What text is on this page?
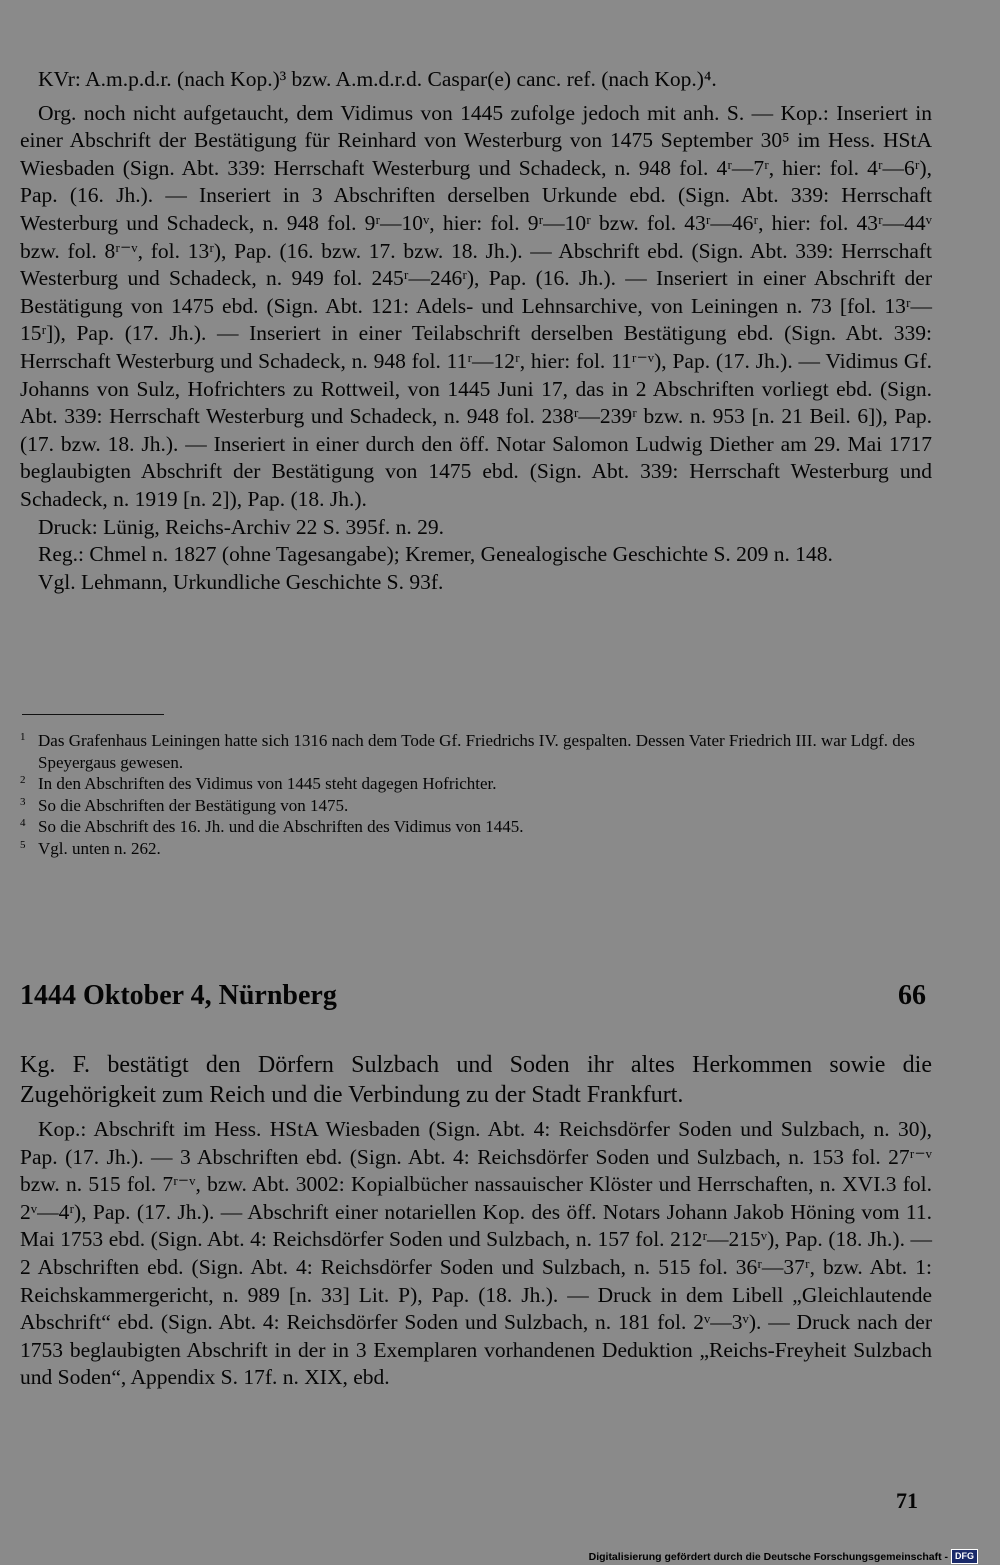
KVr: A.m.p.d.r. (nach Kop.)³ bzw. A.m.d.r.d. Caspar(e) canc. ref. (nach Kop.)⁴.

Org. noch nicht aufgetaucht, dem Vidimus von 1445 zufolge jedoch mit anh. S. — Kop.: Inseriert in einer Abschrift der Bestätigung für Reinhard von Westerburg von 1475 September 30⁵ im Hess. HStA Wiesbaden (Sign. Abt. 339: Herrschaft Westerburg und Schadeck, n. 948 fol. 4ʳ—7ʳ, hier: fol. 4ʳ—6ʳ), Pap. (16. Jh.). — Inseriert in 3 Abschriften derselben Urkunde ebd. (Sign. Abt. 339: Herrschaft Westerburg und Schadeck, n. 948 fol. 9ʳ—10ᵛ, hier: fol. 9ʳ—10ʳ bzw. fol. 43ʳ—46ʳ, hier: fol. 43ʳ—44ᵛ bzw. fol. 8ʳ⁻ᵛ, fol. 13ʳ), Pap. (16. bzw. 17. bzw. 18. Jh.). — Abschrift ebd. (Sign. Abt. 339: Herrschaft Westerburg und Schadeck, n. 949 fol. 245ʳ—246ʳ), Pap. (16. Jh.). — Inseriert in einer Abschrift der Bestätigung von 1475 ebd. (Sign. Abt. 121: Adels- und Lehnsarchive, von Leiningen n. 73 [fol. 13ʳ—15ʳ]), Pap. (17. Jh.). — Inseriert in einer Teilabschrift derselben Bestätigung ebd. (Sign. Abt. 339: Herrschaft Westerburg und Schadeck, n. 948 fol. 11ʳ—12ʳ, hier: fol. 11ʳ⁻ᵛ), Pap. (17. Jh.). — Vidimus Gf. Johanns von Sulz, Hofrichters zu Rottweil, von 1445 Juni 17, das in 2 Abschriften vorliegt ebd. (Sign. Abt. 339: Herrschaft Westerburg und Schadeck, n. 948 fol. 238ʳ—239ʳ bzw. n. 953 [n. 21 Beil. 6]), Pap. (17. bzw. 18. Jh.). — Inseriert in einer durch den öff. Notar Salomon Ludwig Diether am 29. Mai 1717 beglaubigten Abschrift der Bestätigung von 1475 ebd. (Sign. Abt. 339: Herrschaft Westerburg und Schadeck, n. 1919 [n. 2]), Pap. (18. Jh.).

Druck: Lünig, Reichs-Archiv 22 S. 395f. n. 29.

Reg.: Chmel n. 1827 (ohne Tagesangabe); Kremer, Genealogische Geschichte S. 209 n. 148.

Vgl. Lehmann, Urkundliche Geschichte S. 93f.

1 Das Grafenhaus Leiningen hatte sich 1316 nach dem Tode Gf. Friedrichs IV. gespalten. Dessen Vater Friedrich III. war Ldgf. des Speyergaus gewesen.

2 In den Abschriften des Vidimus von 1445 steht dagegen Hofrichter.

3 So die Abschriften der Bestätigung von 1475.

4 So die Abschrift des 16. Jh. und die Abschriften des Vidimus von 1445.

5 Vgl. unten n. 262.

1444 Oktober 4, Nürnberg	66

Kg. F. bestätigt den Dörfern Sulzbach und Soden ihr altes Herkommen sowie die Zugehörigkeit zum Reich und die Verbindung zu der Stadt Frankfurt.

Kop.: Abschrift im Hess. HStA Wiesbaden (Sign. Abt. 4: Reichsdörfer Soden und Sulzbach, n. 30), Pap. (17. Jh.). — 3 Abschriften ebd. (Sign. Abt. 4: Reichsdörfer Soden und Sulzbach, n. 153 fol. 27ʳ⁻ᵛ bzw. n. 515 fol. 7ʳ⁻ᵛ, bzw. Abt. 3002: Kopialbücher nassauischer Klöster und Herrschaften, n. XVI.3 fol. 2ᵛ—4ʳ), Pap. (17. Jh.). — Abschrift einer notariellen Kop. des öff. Notars Johann Jakob Höning vom 11. Mai 1753 ebd. (Sign. Abt. 4: Reichsdörfer Soden und Sulzbach, n. 157 fol. 212ʳ—215ᵛ), Pap. (18. Jh.). — 2 Abschriften ebd. (Sign. Abt. 4: Reichsdörfer Soden und Sulzbach, n. 515 fol. 36ʳ—37ʳ, bzw. Abt. 1: Reichskammergericht, n. 989 [n. 33] Lit. P), Pap. (18. Jh.). — Druck in dem Libell „Gleichlautende Abschrift“ ebd. (Sign. Abt. 4: Reichsdörfer Soden und Sulzbach, n. 181 fol. 2ᵛ—3ᵛ). — Druck nach der 1753 beglaubigten Abschrift in der in 3 Exemplaren vorhandenen Deduktion „Reichs-Freyheit Sulzbach und Soden“, Appendix S. 17f. n. XIX, ebd.

71
Digitalisierung gefördert durch die Deutsche Forschungsgemeinschaft - DFG
